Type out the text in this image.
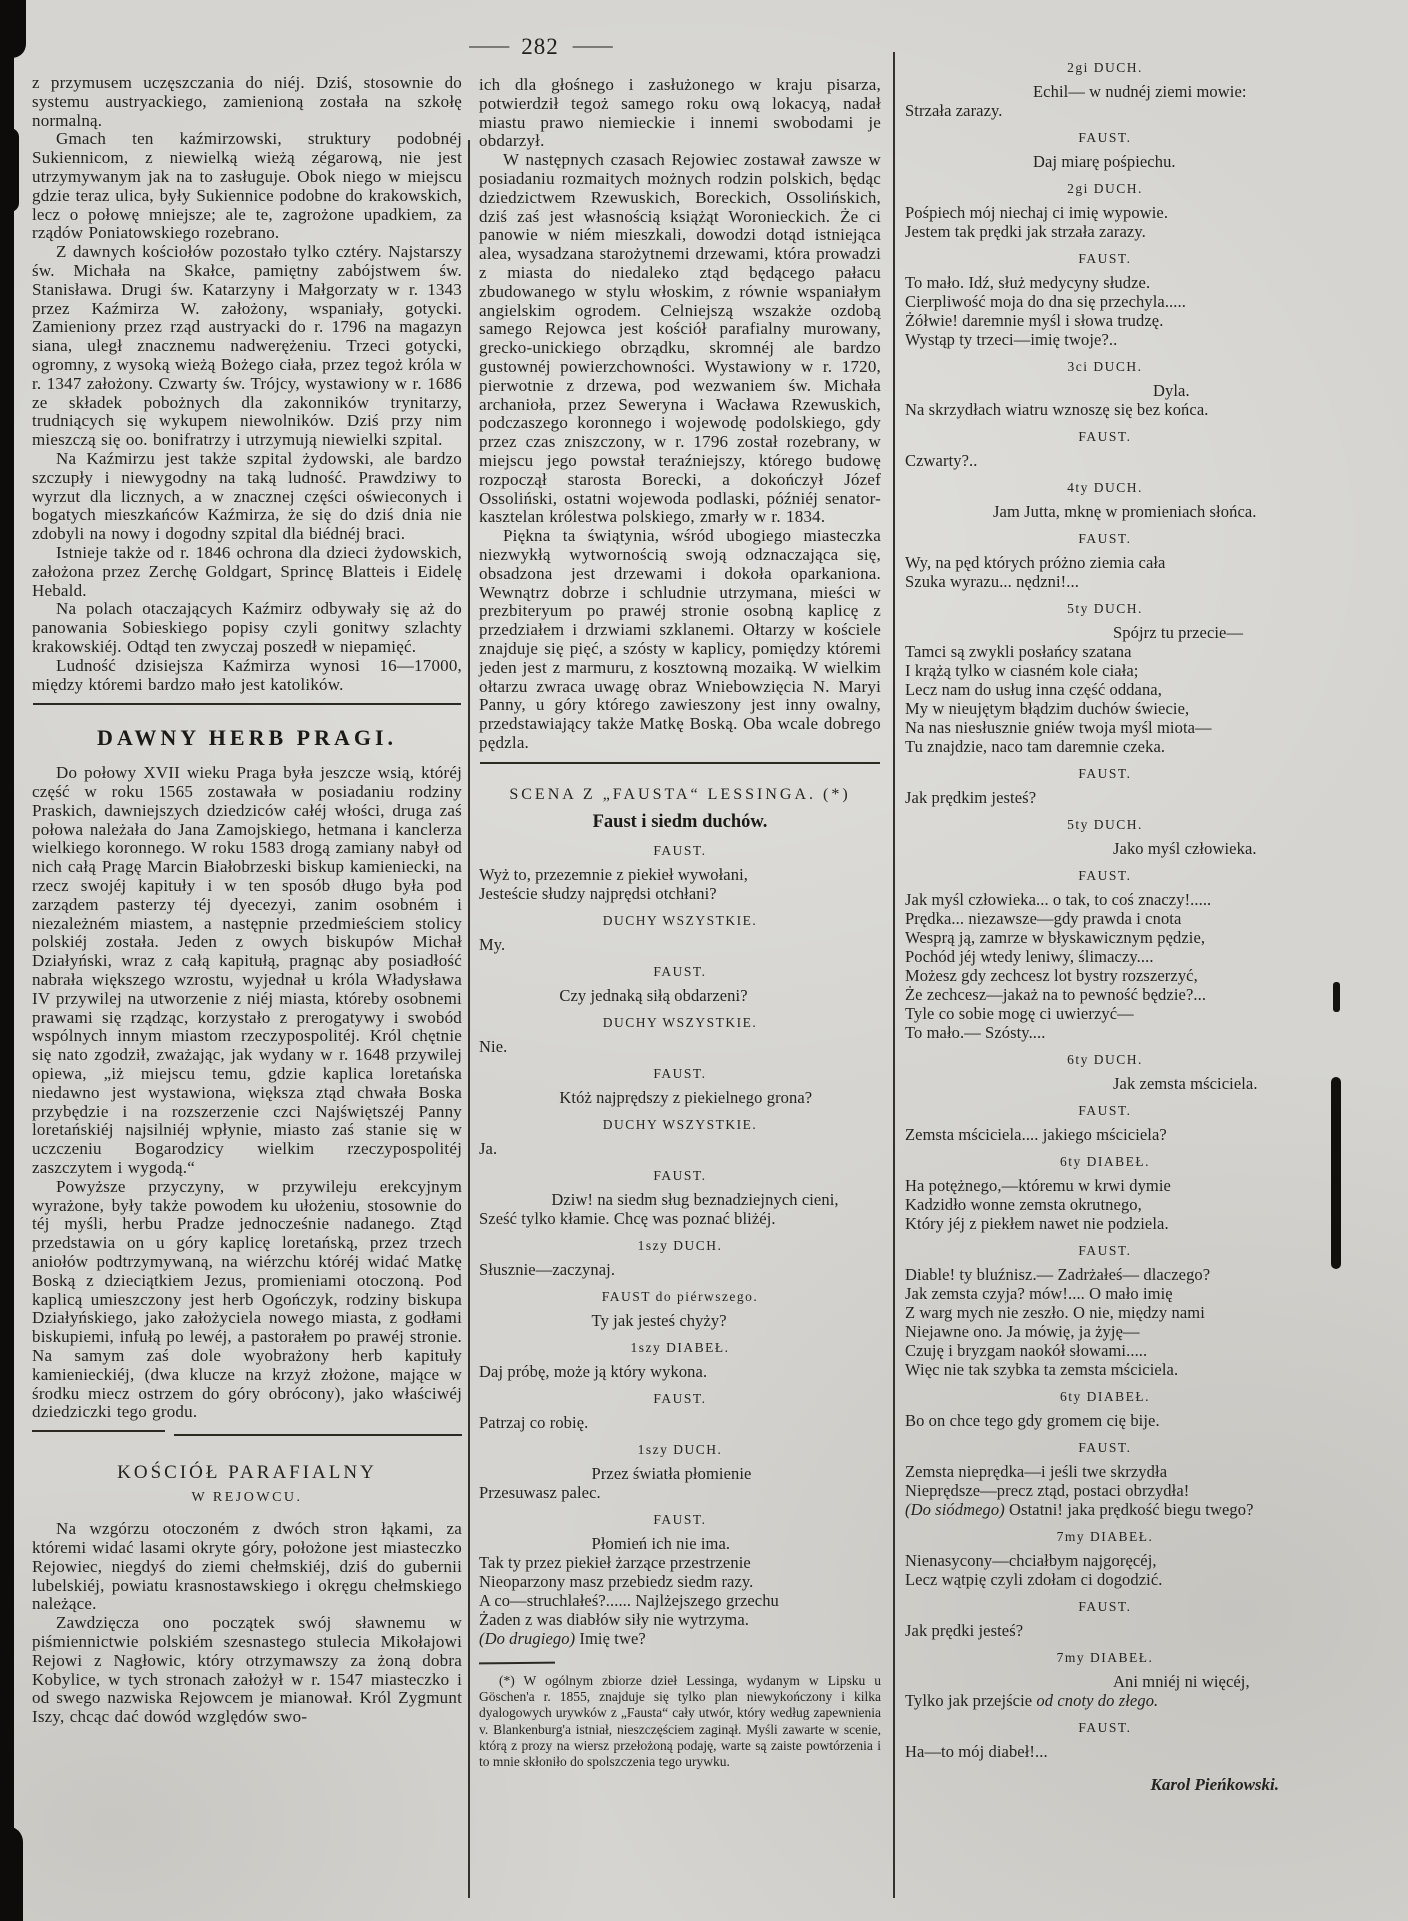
—— 282 ——

z przymusem uczęszczania do niéj. Dziś, stosownie do systemu austryackiego, zamienioną została na szkołę normalną.

Gmach ten kaźmirzowski, struktury podobnéj Sukiennicom, z niewielką wieżą zégarową, nie jest utrzymywanym jak na to zasługuje. Obok niego w miejscu gdzie teraz ulica, były Sukiennice podobne do krakowskich, lecz o połowę mniejsze; ale te, zagrożone upadkiem, za rządów Poniatowskiego rozebrano.

Z dawnych kościołów pozostało tylko cztéry. Najstarszy św. Michała na Skałce, pamiętny zabójstwem św. Stanisława. Drugi św. Katarzyny i Małgorzaty w r. 1343 przez Kaźmirza W. założony, wspaniały, gotycki. Zamieniony przez rząd austryacki do r. 1796 na magazyn siana, uległ znacznemu nadwerężeniu. Trzeci gotycki, ogromny, z wysoką wieżą Bożego ciała, przez tegoż króla w r. 1347 założony. Czwarty św. Trójcy, wystawiony w r. 1686 ze składek pobożnych dla zakonników trynitarzy, trudniących się wykupem niewolników. Dziś przy nim mieszczą się oo. bonifratrzy i utrzymują niewielki szpital.

Na Kaźmirzu jest także szpital żydowski, ale bardzo szczupły i niewygodny na taką ludność. Prawdziwy to wyrzut dla licznych, a w znacznej części oświeconych i bogatych mieszkańców Kaźmirza, że się do dziś dnia nie zdobyli na nowy i dogodny szpital dla biédnéj braci.

Istnieje także od r. 1846 ochrona dla dzieci żydowskich, założona przez Zerchę Goldgart, Sprincę Blatteis i Eidelę Hebald.

Na polach otaczających Kaźmirz odbywały się aż do panowania Sobieskiego popisy czyli gonitwy szlachty krakowskiéj. Odtąd ten zwyczaj poszedł w niepamięć.

Ludność dzisiejsza Kaźmirza wynosi 16—17000, między któremi bardzo mało jest katolików.

DAWNY HERB PRAGI.

Do połowy XVII wieku Praga była jeszcze wsią, któréj część w roku 1565 zostawała w posiadaniu rodziny Praskich, dawniejszych dziedziców całéj włości, druga zaś połowa należała do Jana Zamojskiego, hetmana i kanclerza wielkiego koronnego. W roku 1583 drogą zamiany nabył od nich całą Pragę Marcin Białobrzeski biskup kamieniecki, na rzecz swojéj kapituły i w ten sposób długo była pod zarządem pasterzy téj dyecezyi, zanim osobném i niezależném miastem, a następnie przedmieściem stolicy polskiéj została. Jeden z owych biskupów Michał Działyński, wraz z całą kapitułą, pragnąc aby posiadłość nabrała większego wzrostu, wyjednał u króla Władysława IV przywilej na utworzenie z niéj miasta, któreby osobnemi prawami się rządząc, korzystało z prerogatywy i swobód wspólnych innym miastom rzeczypospolitéj. Król chętnie się nato zgodził, zważając, jak wydany w r. 1648 przywilej opiewa, „iż miejscu temu, gdzie kaplica loretańska niedawno jest wystawiona, większa ztąd chwała Boska przybędzie i na rozszerzenie czci Najświętszéj Panny loretańskiéj najsilniéj wpłynie, miasto zaś stanie się w uczczeniu Bogarodzicy wielkim rzeczypospolitéj zaszczytem i wygodą.“

Powyższe przyczyny, w przywileju erekcyjnym wyrażone, były także powodem ku ułożeniu, stosownie do téj myśli, herbu Pradze jednocześnie nadanego. Ztąd przedstawia on u góry kaplicę loretańską, przez trzech aniołów podtrzymywaną, na wiérzchu któréj widać Matkę Boską z dzieciątkiem Jezus, promieniami otoczoną. Pod kaplicą umieszczony jest herb Ogończyk, rodziny biskupa Działyńskiego, jako założyciela nowego miasta, z godłami biskupiemi, infułą po lewéj, a pastorałem po prawéj stronie. Na samym zaś dole wyobrażony herb kapituły kamienieckiéj, (dwa klucze na krzyż złożone, mające w środku miecz ostrzem do góry obrócony), jako właściwéj dziedziczki tego grodu.

KOŚCIÓŁ PARAFIALNY
W REJOWCU.

Na wzgórzu otoczoném z dwóch stron łąkami, za któremi widać lasami okryte góry, położone jest miasteczko Rejowiec, niegdyś do ziemi chełmskiéj, dziś do gubernii lubelskiéj, powiatu krasnostawskiego i okręgu chełmskiego należące.

Zawdzięcza ono początek swój sławnemu w piśmiennictwie polskiém szesnastego stulecia Mikołajowi Rejowi z Nagłowic, który otrzymawszy za żoną dobra Kobylice, w tych stronach założył w r. 1547 miasteczko i od swego nazwiska Rejowcem je mianował. Król Zygmunt Iszy, chcąc dać dowód względów swo-

ich dla głośnego i zasłużonego w kraju pisarza, potwierdził tegoż samego roku ową lokacyą, nadał miastu prawo niemieckie i innemi swobodami je obdarzył.

W następnych czasach Rejowiec zostawał zawsze w posiadaniu rozmaitych możnych rodzin polskich, będąc dziedzictwem Rzewuskich, Boreckich, Ossolińskich, dziś zaś jest własnością książąt Woronieckich. Że ci panowie w niém mieszkali, dowodzi dotąd istniejąca alea, wysadzana starożytnemi drzewami, która prowadzi z miasta do niedaleko ztąd będącego pałacu zbudowanego w stylu włoskim, z równie wspaniałym angielskim ogrodem. Celniejszą wszakże ozdobą samego Rejowca jest kościół parafialny murowany, grecko-unickiego obrządku, skromnéj ale bardzo gustownéj powierzchowności. Wystawiony w r. 1720, pierwotnie z drzewa, pod wezwaniem św. Michała archanioła, przez Seweryna i Wacława Rzewuskich, podczaszego koronnego i wojewodę podolskiego, gdy przez czas zniszczony, w r. 1796 został rozebrany, w miejscu jego powstał teraźniejszy, którego budowę rozpoczął starosta Borecki, a dokończył Józef Ossoliński, ostatni wojewoda podlaski, późniéj senator-kasztelan królestwa polskiego, zmarły w r. 1834.

Piękna ta świątynia, wśród ubogiego miasteczka niezwykłą wytwornością swoją odznaczająca się, obsadzona jest drzewami i dokoła oparkaniona. Wewnątrz dobrze i schludnie utrzymana, mieści w prezbiteryum po prawéj stronie osobną kaplicę z przedziałem i drzwiami szklanemi. Ołtarzy w kościele znajduje się pięć, a szósty w kaplicy, pomiędzy któremi jeden jest z marmuru, z kosztowną mozaiką. W wielkim ołtarzu zwraca uwagę obraz Wniebowzięcia N. Maryi Panny, u góry którego zawieszony jest inny owalny, przedstawiający także Matkę Boską. Oba wcale dobrego pędzla.

SCENA Z „FAUSTA“ LESSINGA. (*)
Faust i siedm duchów.
FAUST.
Wyż to, przezemnie z piekieł wywołani,
Jesteście słudzy najprędsi otchłani?
DUCHY WSZYSTKIE.
My.
FAUST.
Czy jednaką siłą obdarzeni?
DUCHY WSZYSTKIE.
Nie.
FAUST.
Któż najprędszy z piekielnego grona?
DUCHY WSZYSTKIE.
Ja.
FAUST.
Dziw! na siedm sług beznadziejnych cieni,
Sześć tylko kłamie. Chcę was poznać bliżéj.
1szy DUCH.
Słusznie—zaczynaj.
FAUST do piérwszego.
Ty jak jesteś chyży?
1szy DIABEŁ.
Daj próbę, może ją który wykona.
FAUST.
Patrzaj co robię.
1szy DUCH.
Przez światła płomienie
Przesuwasz palec.
FAUST.
Płomień ich nie ima.
Tak ty przez piekieł żarzące przestrzenie
Nieoparzony masz przebiedz siedm razy.
A co—struchlałeś?...... Najlżejszego grzechu
Żaden z was diabłów siły nie wytrzyma.
(Do drugiego) Imię twe?

(*) W ogólnym zbiorze dzieł Lessinga, wydanym w Lipsku u Göschen'a r. 1855, znajduje się tylko plan niewykończony i kilka dyalogowych urywków z „Fausta“ cały utwór, który według zapewnienia v. Blankenburg'a istniał, nieszczęściem zaginął. Myśli zawarte w scenie, którą z prozy na wiersz przełożoną podaję, warte są zaiste powtórzenia i to mnie skłoniło do spolszczenia tego urywku.

2gi DUCH.
Echil— w nudnéj ziemi mowie:
Strzała zarazy.
FAUST.
Daj miarę pośpiechu.
2gi DUCH.
Pośpiech mój niechaj ci imię wypowie.
Jestem tak prędki jak strzała zarazy.
FAUST.
To mało. Idź, służ medycyny słudze.
Cierpliwość moja do dna się przechyla.....
Żółwie! daremnie myśl i słowa trudzę.
Wystąp ty trzeci—imię twoje?..
3ci DUCH.
Dyla.
Na skrzydłach wiatru wznoszę się bez końca.
FAUST.
Czwarty?..
4ty DUCH.
Jam Jutta, mknę w promieniach słońca.
FAUST.
Wy, na pęd których próżno ziemia cała
Szuka wyrazu... nędzni!...
5ty DUCH.
Spójrz tu przecie—
Tamci są zwykli posłańcy szatana
I krążą tylko w ciasném kole ciała;
Lecz nam do usług inna część oddana,
My w nieujętym błądzim duchów świecie,
Na nas niesłusznie gniéw twoja myśl miota—
Tu znajdzie, naco tam daremnie czeka.
FAUST.
Jak prędkim jesteś?
5ty DUCH.
Jako myśl człowieka.
FAUST.
Jak myśl człowieka... o tak, to coś znaczy!.....
Prędka... niezawsze—gdy prawda i cnota
Wesprą ją, zamrze w błyskawicznym pędzie,
Pochód jéj wtedy leniwy, ślimaczy....
Możesz gdy zechcesz lot bystry rozszerzyć,
Że zechcesz—jakaż na to pewność będzie?...
Tyle co sobie mogę ci uwierzyć—
To mało.— Szósty....
6ty DUCH.
Jak zemsta mściciela.
FAUST.
Zemsta mściciela.... jakiego mściciela?
6ty DIABEŁ.
Ha potężnego,—któremu w krwi dymie
Kadzidło wonne zemsta okrutnego,
Który jéj z piekłem nawet nie podziela.
FAUST.
Diable! ty bluźnisz.— Zadrżałeś— dlaczego?
Jak zemsta czyja? mów!.... O mało imię
Z warg mych nie zeszło. O nie, między nami
Niejawne ono. Ja mówię, ja żyję—
Czuję i bryzgam naokół słowami.....
Więc nie tak szybka ta zemsta mściciela.
6ty DIABEŁ.
Bo on chce tego gdy gromem cię bije.
FAUST.
Zemsta nieprędka—i jeśli twe skrzydła
Nieprędsze—precz ztąd, postaci obrzydła!
(Do siódmego) Ostatni! jaka prędkość biegu twego?
7my DIABEŁ.
Nienasycony—chciałbym najgoręcéj,
Lecz wątpię czyli zdołam ci dogodzić.
FAUST.
Jak prędki jesteś?
7my DIABEŁ.
Ani mniéj ni więcéj,
Tylko jak przejście od cnoty do złego.
FAUST.
Ha—to mój diabeł!...
Karol Pieńkowski.
